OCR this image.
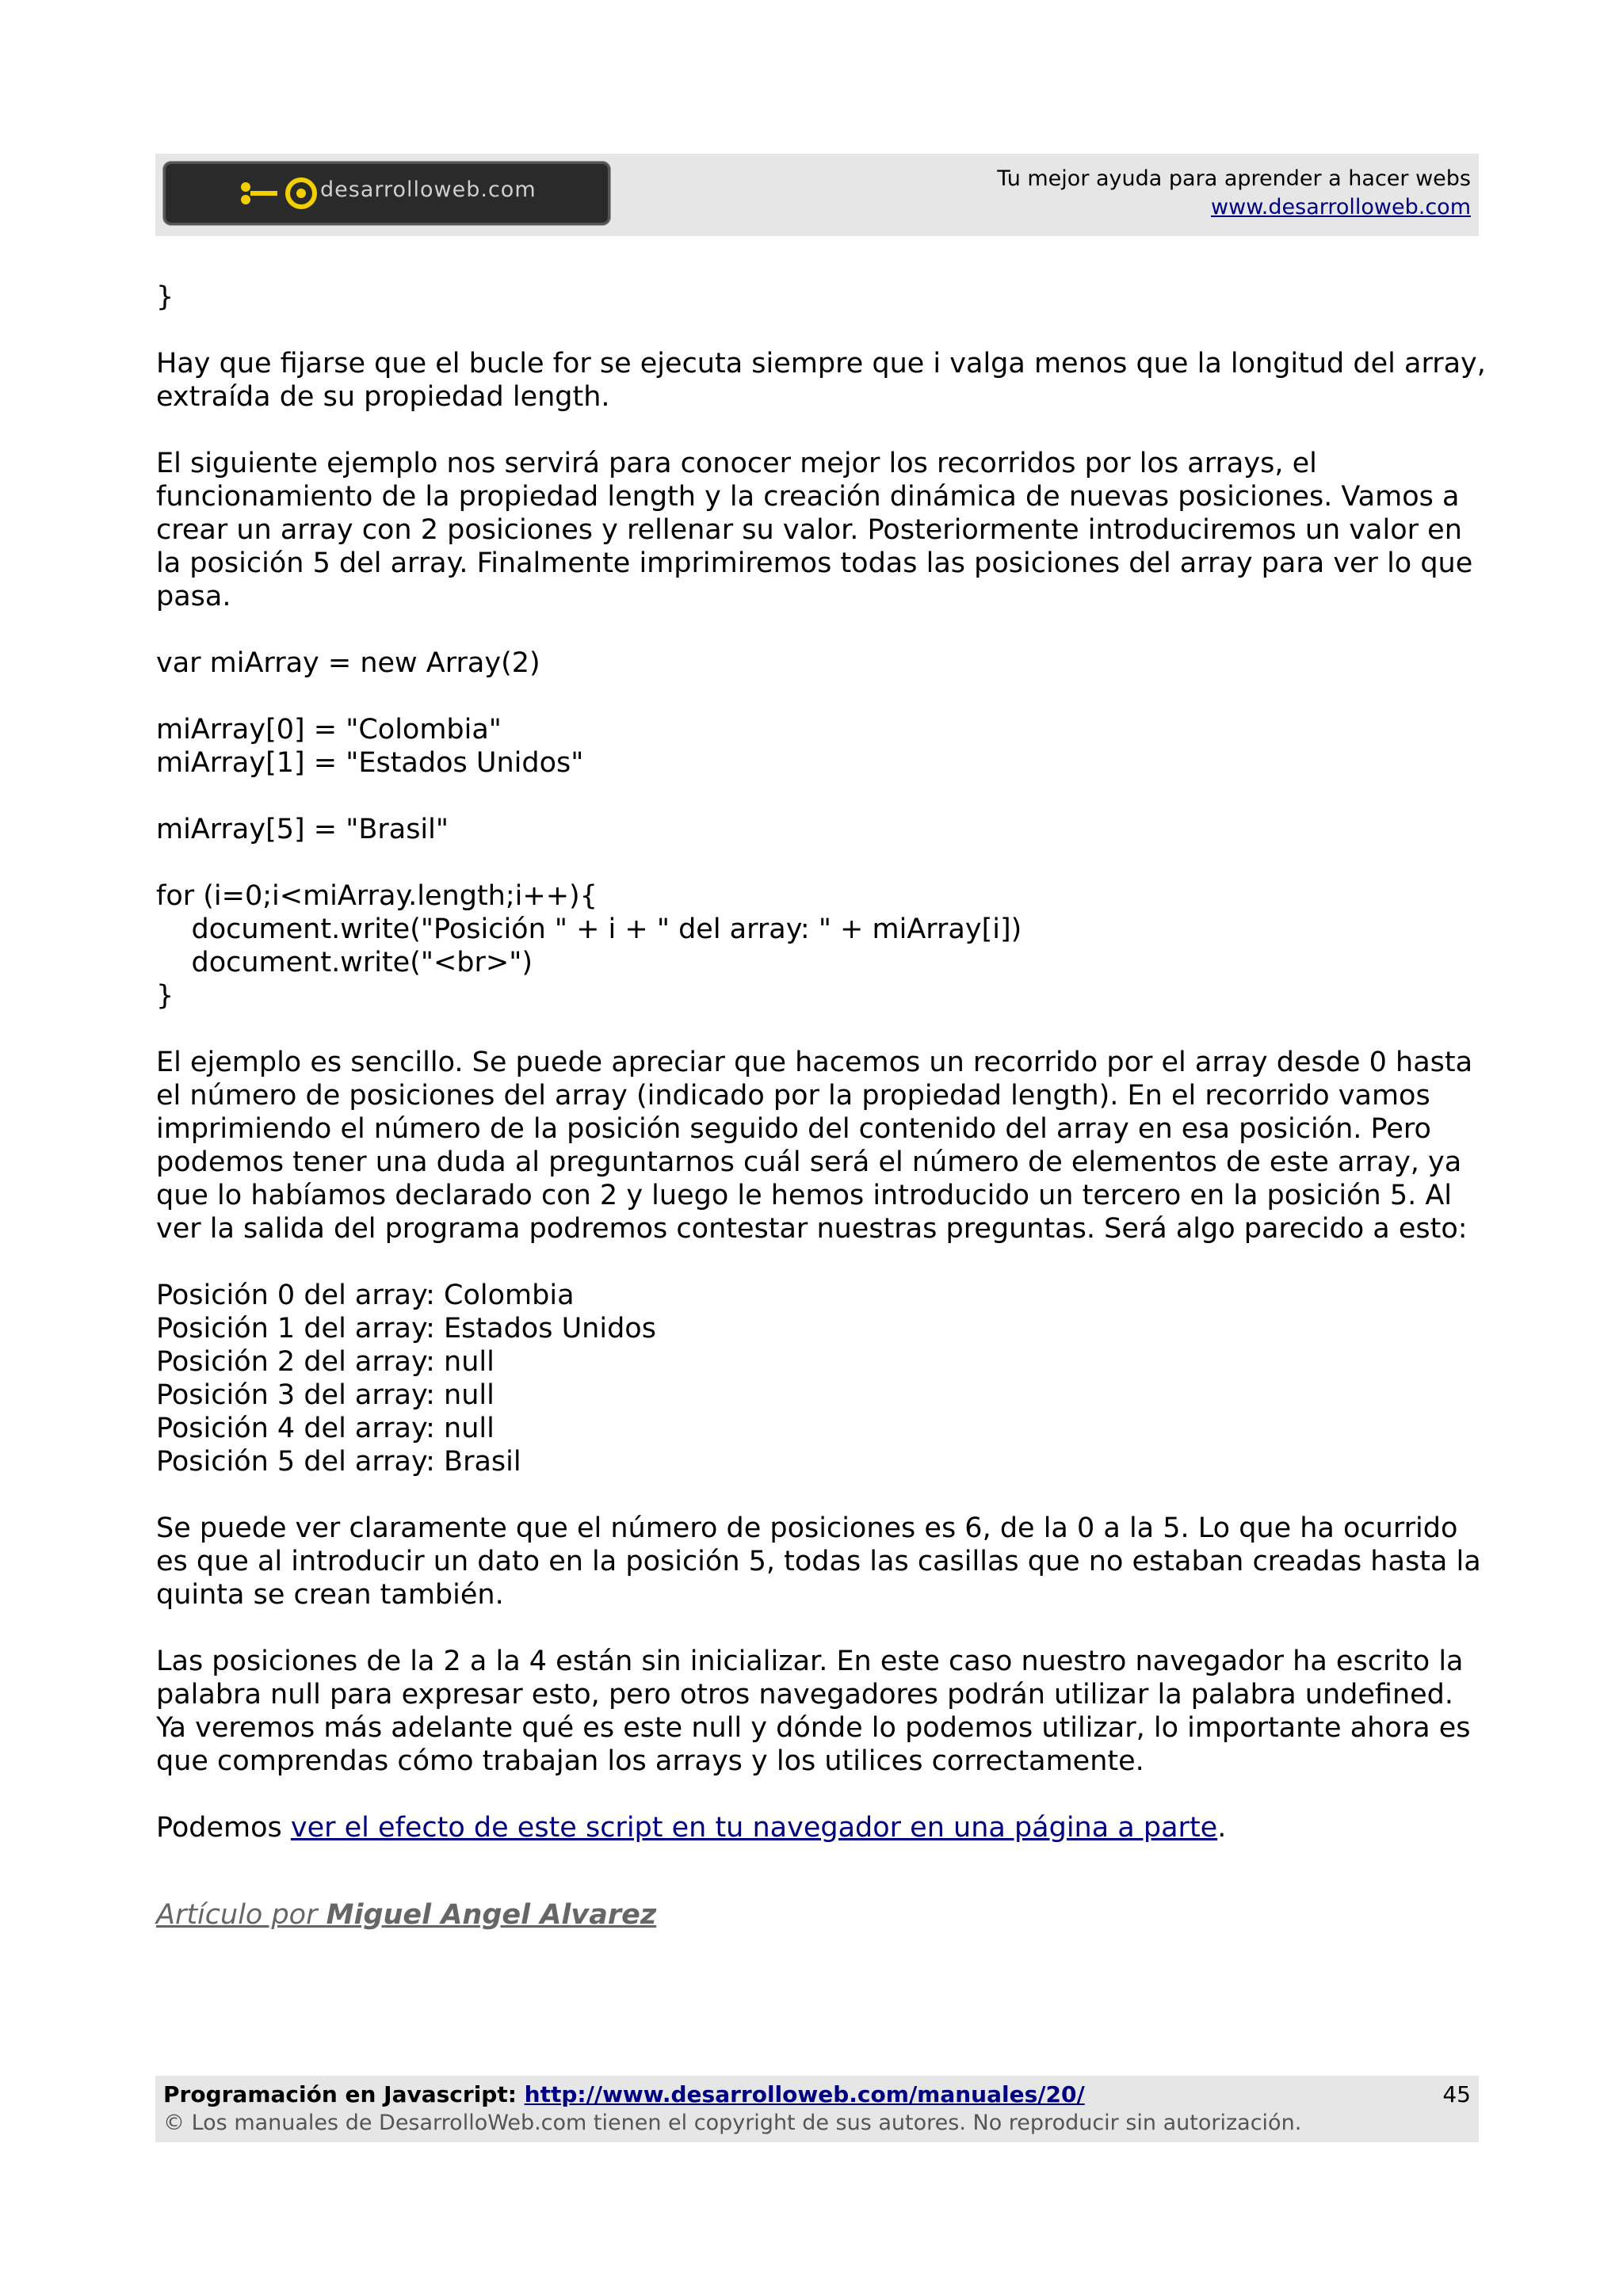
desarrolloweb.com	Tu mejor ayuda para aprender a hacer webs
www.desarrolloweb.com
}

Hay que fijarse que el bucle for se ejecuta siempre que i valga menos que la longitud del array,
extraída de su propiedad length.

El siguiente ejemplo nos servirá para conocer mejor los recorridos por los arrays, el
funcionamiento de la propiedad length y la creación dinámica de nuevas posiciones. Vamos a
crear un array con 2 posiciones y rellenar su valor. Posteriormente introduciremos un valor en
la posición 5 del array. Finalmente imprimiremos todas las posiciones del array para ver lo que
pasa.

var miArray = new Array(2)

miArray[0] = "Colombia"
miArray[1] = "Estados Unidos"

miArray[5] = "Brasil"

for (i=0;i<miArray.length;i++){
document.write("Posición " + i + " del array: " + miArray[i])
document.write("<br>")
}

El ejemplo es sencillo. Se puede apreciar que hacemos un recorrido por el array desde 0 hasta
el número de posiciones del array (indicado por la propiedad length). En el recorrido vamos
imprimiendo el número de la posición seguido del contenido del array en esa posición. Pero
podemos tener una duda al preguntarnos cuál será el número de elementos de este array, ya
que lo habíamos declarado con 2 y luego le hemos introducido un tercero en la posición 5. Al
ver la salida del programa podremos contestar nuestras preguntas. Será algo parecido a esto:

Posición 0 del array: Colombia
Posición 1 del array: Estados Unidos
Posición 2 del array: null
Posición 3 del array: null
Posición 4 del array: null
Posición 5 del array: Brasil

Se puede ver claramente que el número de posiciones es 6, de la 0 a la 5. Lo que ha ocurrido
es que al introducir un dato en la posición 5, todas las casillas que no estaban creadas hasta la
quinta se crean también.

Las posiciones de la 2 a la 4 están sin inicializar. En este caso nuestro navegador ha escrito la
palabra null para expresar esto, pero otros navegadores podrán utilizar la palabra undefined.
Ya veremos más adelante qué es este null y dónde lo podemos utilizar, lo importante ahora es
que comprendas cómo trabajan los arrays y los utilices correctamente.

Podemos ver el efecto de este script en tu navegador en una página a parte.
Artículo por Miguel Angel Alvarez
Programación en Javascript: http://www.desarrolloweb.com/manuales/20/
© Los manuales de DesarrolloWeb.com tienen el copyright de sus autores. No reproducir sin autorización.
45
